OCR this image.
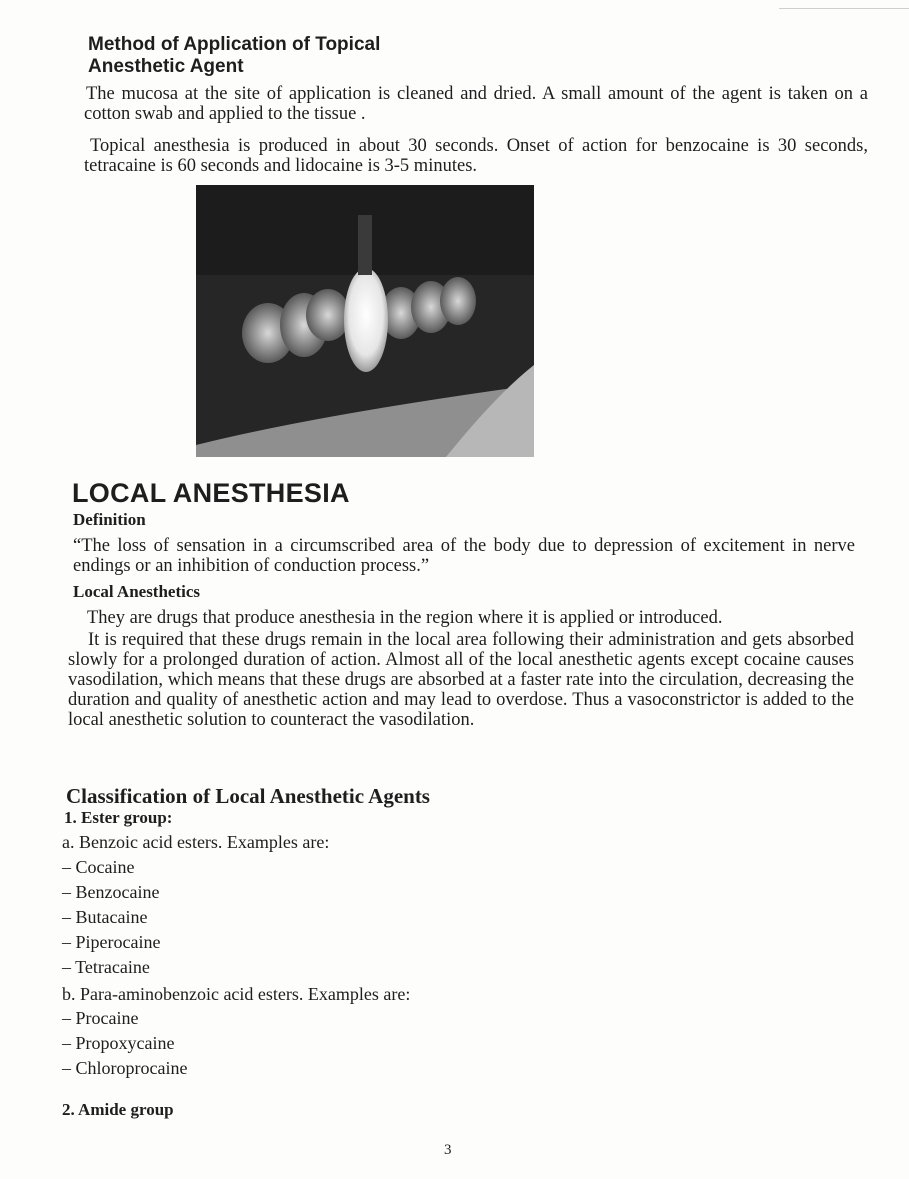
Method of Application of Topical
Anesthetic Agent
The mucosa at the site of application is cleaned and dried. A small amount of the agent is taken on a cotton swab and applied to the tissue .
Topical anesthesia is produced in about 30 seconds. Onset of action for benzocaine is 30 seconds, tetracaine is 60 seconds and lidocaine is 3-5 minutes.
LOCAL ANESTHESIA
Definition
“The loss of sensation in a circumscribed area of the body due to depression of excitement in nerve endings or an inhibition of conduction process.”
Local Anesthetics
They are drugs that produce anesthesia in the region where it is applied or introduced.
It is required that these drugs remain in the local area following their administration and gets absorbed slowly for a prolonged duration of action. Almost all of the local anesthetic agents except cocaine causes vasodilation, which means that these drugs are absorbed at a faster rate into the circulation, decreasing the duration and quality of anesthetic action and may lead to overdose. Thus a vasoconstrictor is added to the local anesthetic solution to counteract the vasodilation.
Classification of Local Anesthetic Agents
1. Ester group:
a. Benzoic acid esters. Examples are:
– Cocaine
– Benzocaine
– Butacaine
– Piperocaine
– Tetracaine
b. Para-aminobenzoic acid esters. Examples are:
– Procaine
– Propoxycaine
– Chloroprocaine
2. Amide group
3
